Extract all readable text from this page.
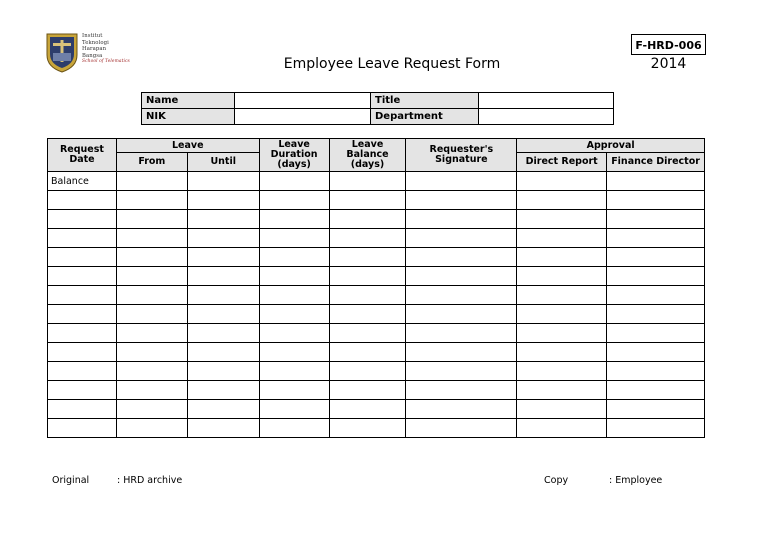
Institut
Teknologi
Harapan
Bangsa
School of Telematics	Employee Leave Request Form
F-HRD-006
2014
Name		Title	
NIK		Department	
Request Date	Leave		Leave Duration (days)	Leave Balance (days)	Requester's Signature	Approval	
	From	Until				Direct Report	Finance Director
Balance							

Original	: HRD archive	Copy	: Employee
